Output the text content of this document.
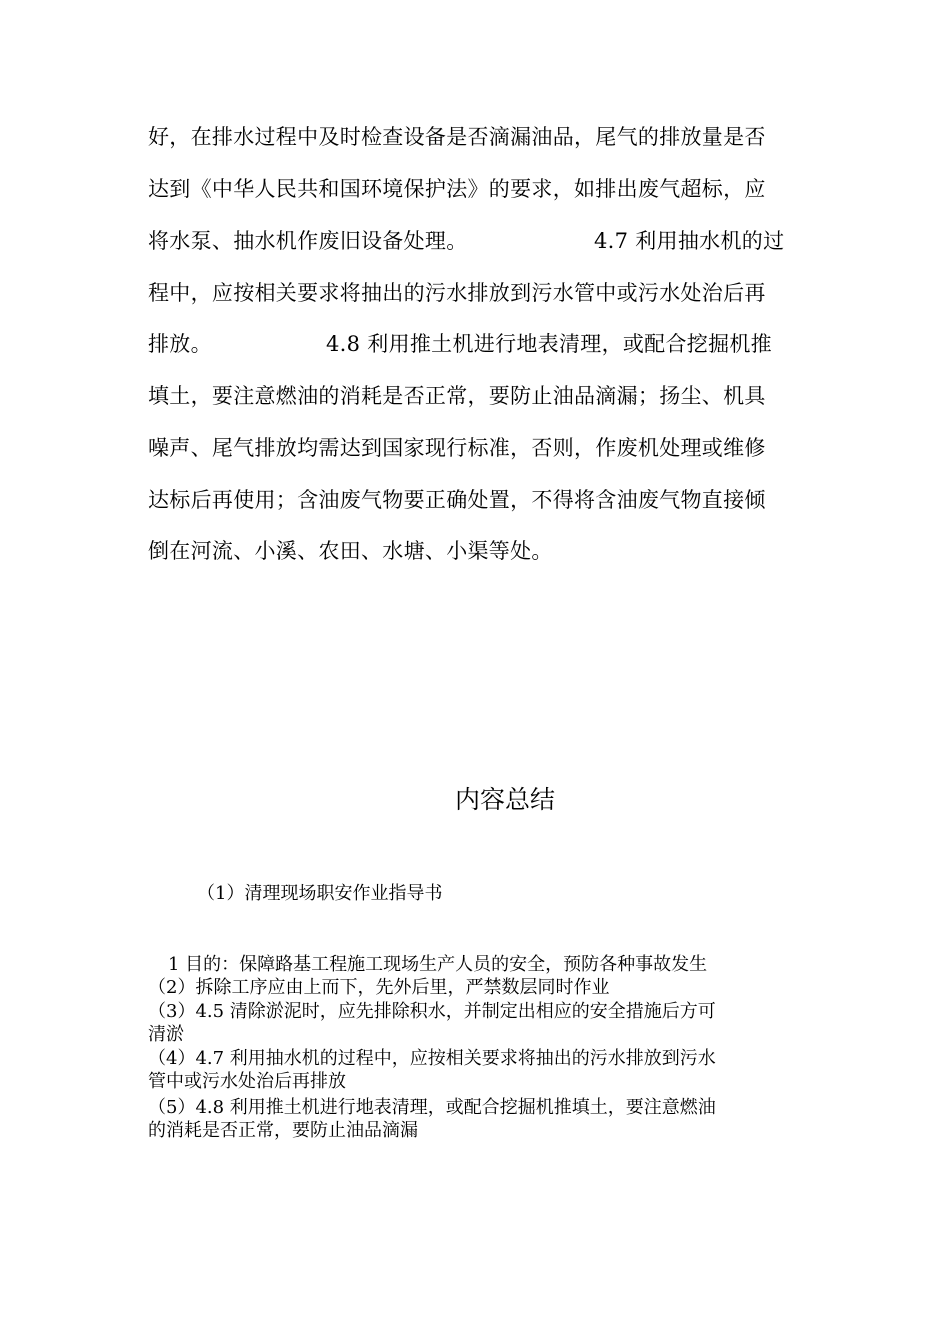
好，在排水过程中及时检查设备是否滴漏油品，尾气的排放量是否
达到《中华人民共和国环境保护法》的要求，如排出废气超标，应
将水泵、抽水机作废旧设备处理。	4.7 利用抽水机的过
程中，应按相关要求将抽出的污水排放到污水管中或污水处治后再
排放。	4.8 利用推土机进行地表清理，或配合挖掘机推
填土，要注意燃油的消耗是否正常，要防止油品滴漏；扬尘、机具
噪声、尾气排放均需达到国家现行标准，否则，作废机处理或维修
达标后再使用；含油废气物要正确处置，不得将含油废气物直接倾
倒在河流、小溪、农田、水塘、小渠等处。
内容总结
（1）清理现场职安作业指导书
1 目的：保障路基工程施工现场生产人员的安全，预防各种事故发生
（2）拆除工序应由上而下，先外后里，严禁数层同时作业
（3）4.5 清除淤泥时，应先排除积水，并制定出相应的安全措施后方可
清淤
（4）4.7 利用抽水机的过程中，应按相关要求将抽出的污水排放到污水
管中或污水处治后再排放
（5）4.8 利用推土机进行地表清理，或配合挖掘机推填土，要注意燃油
的消耗是否正常，要防止油品滴漏
